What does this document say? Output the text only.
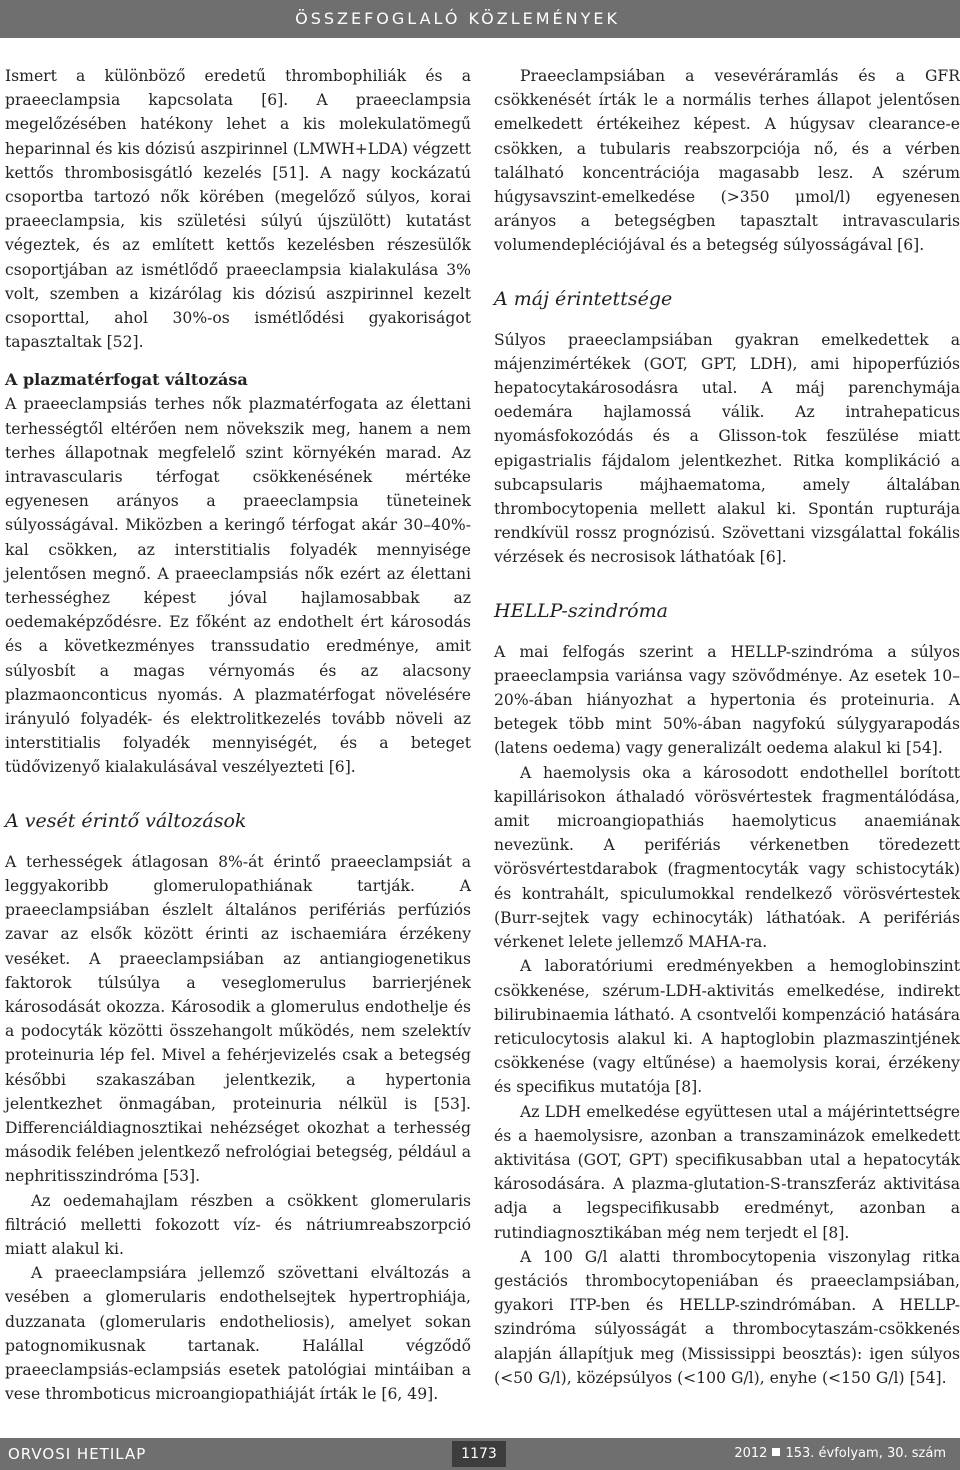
ÖSSZEFOGLALÓ KÖZLEMÉNYEK

Ismert a különböző eredetű thrombophiliák és a praeeclampsia kapcsolata [6]. A praeeclampsia megelőzésében hatékony lehet a kis molekulatömegű heparinnal és kis dózisú aszpirinnel (LMWH+LDA) végzett kettős thrombosisgátló kezelés [51]. A nagy kockázatú csoportba tartozó nők körében (megelőző súlyos, korai praeeclampsia, kis születési súlyú újszülött) kutatást végeztek, és az említett kettős kezelésben részesülők csoportjában az ismétlődő praeeclampsia kialakulása 3% volt, szemben a kizárólag kis dózisú aszpirinnel kezelt csoporttal, ahol 30%-os ismétlődési gyakoriságot tapasztaltak [52].

A plazmatérfogat változása

A praeeclampsiás terhes nők plazmatérfogata az élettani terhességtől eltérően nem növekszik meg, hanem a nem terhes állapotnak megfelelő szint környékén marad. Az intravascularis térfogat csökkenésének mértéke egyenesen arányos a praeeclampsia tüneteinek súlyosságával. Miközben a keringő térfogat akár 30–40%-kal csökken, az interstitialis folyadék mennyisége jelentősen megnő. A praeeclampsiás nők ezért az élettani terhességhez képest jóval hajlamosabbak az oedemaképződésre. Ez főként az endothelt ért károsodás és a következményes transsudatio eredménye, amit súlyosbít a magas vérnyomás és az alacsony plazmaonconticus nyomás. A plazmatérfogat növelésére irányuló folyadék- és elektrolitkezelés tovább növeli az interstitialis folyadék mennyiségét, és a beteget tüdővizenyő kialakulásával veszélyezteti [6].

A vesét érintő változások

A terhességek átlagosan 8%-át érintő praeeclampsiát a leggyakoribb glomerulopathiának tartják. A praeeclampsiában észlelt általános perifériás perfúziós zavar az elsők között érinti az ischaemiára érzékeny veséket. A praeeclampsiában az antiangiogenetikus faktorok túlsúlya a veseglomerulus barrierjének károsodását okozza. Károsodik a glomerulus endothelje és a podocyták közötti összehangolt működés, nem szelektív proteinuria lép fel. Mivel a fehérjevizelés csak a betegség későbbi szakaszában jelentkezik, a hypertonia jelentkezhet önmagában, proteinuria nélkül is [53]. Differenciáldiagnosztikai nehézséget okozhat a terhesség második felében jelentkező nefrológiai betegség, például a nephritisszindróma [53].

Az oedemahajlam részben a csökkent glomerularis filtráció melletti fokozott víz- és nátriumreabszorpció miatt alakul ki.

A praeeclampsiára jellemző szövettani elváltozás a vesében a glomerularis endothelsejtek hypertrophiája, duzzanata (glomerularis endotheliosis), amelyet sokan patognomikusnak tartanak. Halállal végződő praeeclampsiás-eclampsiás esetek patológiai mintáiban a vese thromboticus microangiopathiáját írták le [6, 49].

Praeeclampsiában a vesevéráramlás és a GFR csökkenését írták le a normális terhes állapot jelentősen emelkedett értékeihez képest. A húgysav clearance-e csökken, a tubularis reabszorpciója nő, és a vérben található koncentrációja magasabb lesz. A szérum húgysavszint-emelkedése (>350 μmol/l) egyenesen arányos a betegségben tapasztalt intravascularis volumendepléciójával és a betegség súlyosságával [6].

A máj érintettsége

Súlyos praeeclampsiában gyakran emelkedettek a májenzimértékek (GOT, GPT, LDH), ami hipoperfúziós hepatocytakárosodásra utal. A máj parenchymája oedemára hajlamossá válik. Az intrahepaticus nyomásfokozódás és a Glisson-tok feszülése miatt epigastrialis fájdalom jelentkezhet. Ritka komplikáció a subcapsularis májhaematoma, amely általában thrombocytopenia mellett alakul ki. Spontán rupturája rendkívül rossz prognózisú. Szövettani vizsgálattal fokális vérzések és necrosisok láthatóak [6].

HELLP-szindróma

A mai felfogás szerint a HELLP-szindróma a súlyos praeeclampsia variánsa vagy szövődménye. Az esetek 10–20%-ában hiányozhat a hypertonia és proteinuria. A betegek több mint 50%-ában nagyfokú súlygyarapodás (latens oedema) vagy generalizált oedema alakul ki [54].

A haemolysis oka a károsodott endothellel borított kapillárisokon áthaladó vörösvértestek fragmentálódása, amit microangiopathiás haemolyticus anaemiának nevezünk. A perifériás vérkenetben töredezett vörösvértestdarabok (fragmentocyták vagy schistocyták) és kontrahált, spiculumokkal rendelkező vörösvértestek (Burr-sejtek vagy echinocyták) láthatóak. A perifériás vérkenet lelete jellemző MAHA-ra.

A laboratóriumi eredményekben a hemoglobinszint csökkenése, szérum-LDH-aktivitás emelkedése, indirekt bilirubinaemia látható. A csontvelői kompenzáció hatására reticulocytosis alakul ki. A haptoglobin plazmaszintjének csökkenése (vagy eltűnése) a haemolysis korai, érzékeny és specifikus mutatója [8].

Az LDH emelkedése együttesen utal a májérintettségre és a haemolysisre, azonban a transzaminázok emelkedett aktivitása (GOT, GPT) specifikusabban utal a hepatocyták károsodására. A plazma-glutation-S-transzferáz aktivitása adja a legspecifikusabb eredményt, azonban a rutindiagnosztikában még nem terjedt el [8].

A 100 G/l alatti thrombocytopenia viszonylag ritka gestációs thrombocytopeniában és praeeclampsiában, gyakori ITP-ben és HELLP-szindrómában. A HELLP-szindróma súlyosságát a thrombocytaszám-csökkenés alapján állapítjuk meg (Mississippi beosztás): igen súlyos (<50 G/l), középsúlyos (<100 G/l), enyhe (<150 G/l) [54].

ORVOSI HETILAP	1173	2012 153. évfolyam, 30. szám
